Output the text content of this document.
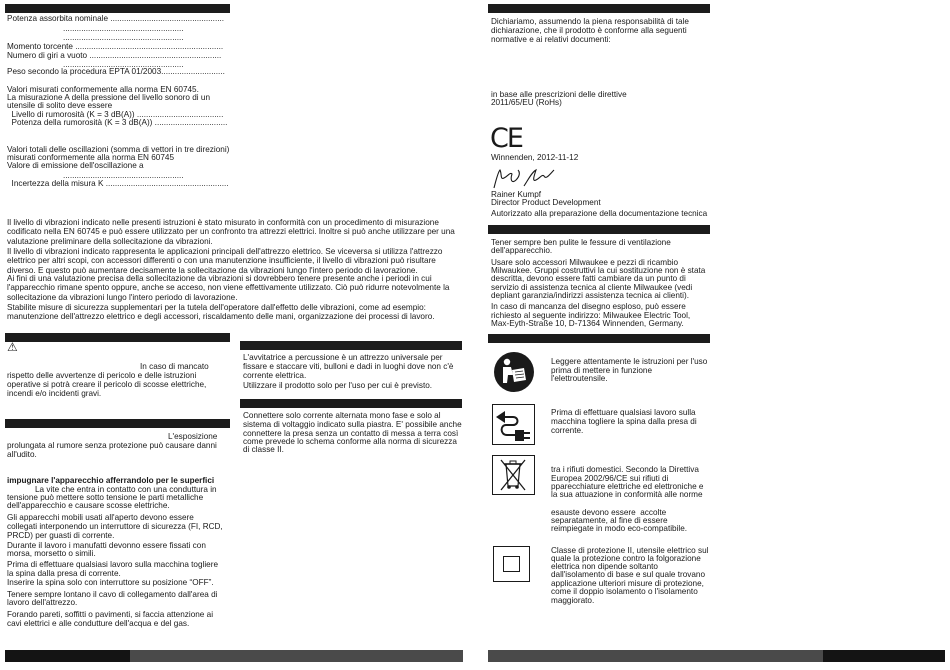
Potenza assorbita nominale ..................................................
.....................................................
.....................................................
Momento torcente .................................................................
Numero di giri a vuoto ..........................................................
.....................................................
Peso secondo la procedura EPTA 01/2003............................
Valori misurati conformemente alla norma EN 60745.
La misurazione A della pressione del livello sonoro di un
utensile di solito deve essere
Livello di rumorosità (K = 3 dB(A)) ......................................
Potenza della rumorosità (K = 3 dB(A)) ................................
Valori totali delle oscillazioni (somma di vettori in tre direzioni)
misurati conformemente alla norma EN 60745
Valore di emissione dell'oscillazione a
.....................................................
Incertezza della misura K ......................................................
Il livello di vibrazioni indicato nelle presenti istruzioni è stato misurato in conformità con un procedimento di misurazione codificato nella EN 60745 e può essere utilizzato per un confronto tra attrezzi elettrici. Inoltre si può anche utilizzare per una valutazione preliminare della sollecitazione da vibrazioni.
Il livello di vibrazioni indicato rappresenta le applicazioni principali dell'attrezzo elettrico. Se viceversa si utilizza l'attrezzo elettrico per altri scopi, con accessori differenti o con una manutenzione insufficiente, il livello di vibrazioni può risultare diverso. E questo può aumentare decisamente la sollecitazione da vibrazioni lungo l'intero periodo di lavorazione.
Ai fini di una valutazione precisa della sollecitazione da vibrazioni si dovrebbero tenere presente anche i periodi in cui l'apparecchio rimane spento oppure, anche se acceso, non viene effettivamente utilizzato. Ciò può ridurre notevolmente la sollecitazione da vibrazioni lungo l'intero periodo di lavorazione.
Stabilite misure di sicurezza supplementari per la tutela dell'operatore dall'effetto delle vibrazioni, come ad esempio: manutenzione dell'attrezzo elettrico e degli accessori, riscaldamento delle mani, organizzazione dei processi di lavoro.
⚠
In caso di mancato
rispetto delle avvertenze di pericolo e delle istruzioni
operative si potrà creare il pericolo di scosse elettriche,
incendi e/o incidenti gravi.
L'esposizione
prolungata al rumore senza protezione può causare danni
all'udito.
impugnare l'apparecchio afferrandolo per le superfici
La vite che entra in contatto con una conduttura in
tensione può mettere sotto tensione le parti metalliche
dell'apparecchio e causare scosse elettriche.
Gli apparecchi mobili usati all'aperto devono essere
collegati interponendo un interruttore di sicurezza (FI, RCD,
PRCD) per guasti di corrente.
Durante il lavoro i manufatti devonno essere fissati con
morsa, morsetto o simili.
Prima di effettuare qualsiasi lavoro sulla macchina togliere
la spina dalla presa di corrente.
Inserire la spina solo con interruttore su posizione “OFF”.
Tenere sempre lontano il cavo di collegamento dall'area di
lavoro dell'attrezzo.
Forando pareti, soffitti o pavimenti, si faccia attenzione ai
cavi elettrici e alle condutture dell'acqua e del gas.
L'avvitatrice a percussione è un attrezzo universale per
fissare e staccare viti, bulloni e dadi in luoghi dove non c'è
corrente elettrica.
Utilizzare il prodotto solo per l'uso per cui è previsto.
Connettere solo corrente alternata mono fase e solo al
sistema di voltaggio indicato sulla piastra. E' possibile anche
connettere la presa senza un contatto di messa a terra così
come prevede lo schema conforme alla norma di sicurezza
di classe II.
Dichiariamo, assumendo la piena responsabilità di tale
dichiarazione, che il prodotto è conforme alla seguenti
normative e ai relativi documenti:
in base alle prescrizioni delle direttive
2011/65/EU (RoHs)
CE
Winnenden, 2012-11-12
Rainer Kumpf
Director Product Development
Autorizzato alla preparazione della documentazione tecnica
Tener sempre ben pulite le fessure di ventilazione
dell'apparecchio.
Usare solo accessori Milwaukee e pezzi di ricambio
Milwaukee. Gruppi costruttivi la cui sostituzione non è stata
descritta, devono essere fatti cambiare da un punto di
servizio di assistenza tecnica al cliente Milwaukee (vedi
depliant garanzia/indirizzi assistenza tecnica ai clienti).
In caso di mancanza del disegno esploso, può essere
richiesto al seguente indirizzo: Milwaukee Electric Tool,
Max-Eyth-Straße 10, D-71364 Winnenden, Germany.
Leggere attentamente le istruzioni per l'uso
prima di mettere in funzione
l'elettroutensile.
Prima di effettuare qualsiasi lavoro sulla
macchina togliere la spina dalla presa di
corrente.
tra i rifiuti domestici. Secondo la Direttiva
Europea 2002/96/CE sui rifiuti di
pparecchiature elettriche ed elettroniche e
la sua attuazione in conformità alle norme
esauste devono essere  accolte
separatamente, al fine di essere
reimpiegate in modo eco-compatibile.
Classe di protezione II, utensile elettrico sul
quale la protezione contro la folgorazione
elettrica non dipende soltanto
dall'isolamento di base e sul quale trovano
applicazione ulteriori misure di protezione,
come il doppio isolamento o l'isolamento
maggiorato.
